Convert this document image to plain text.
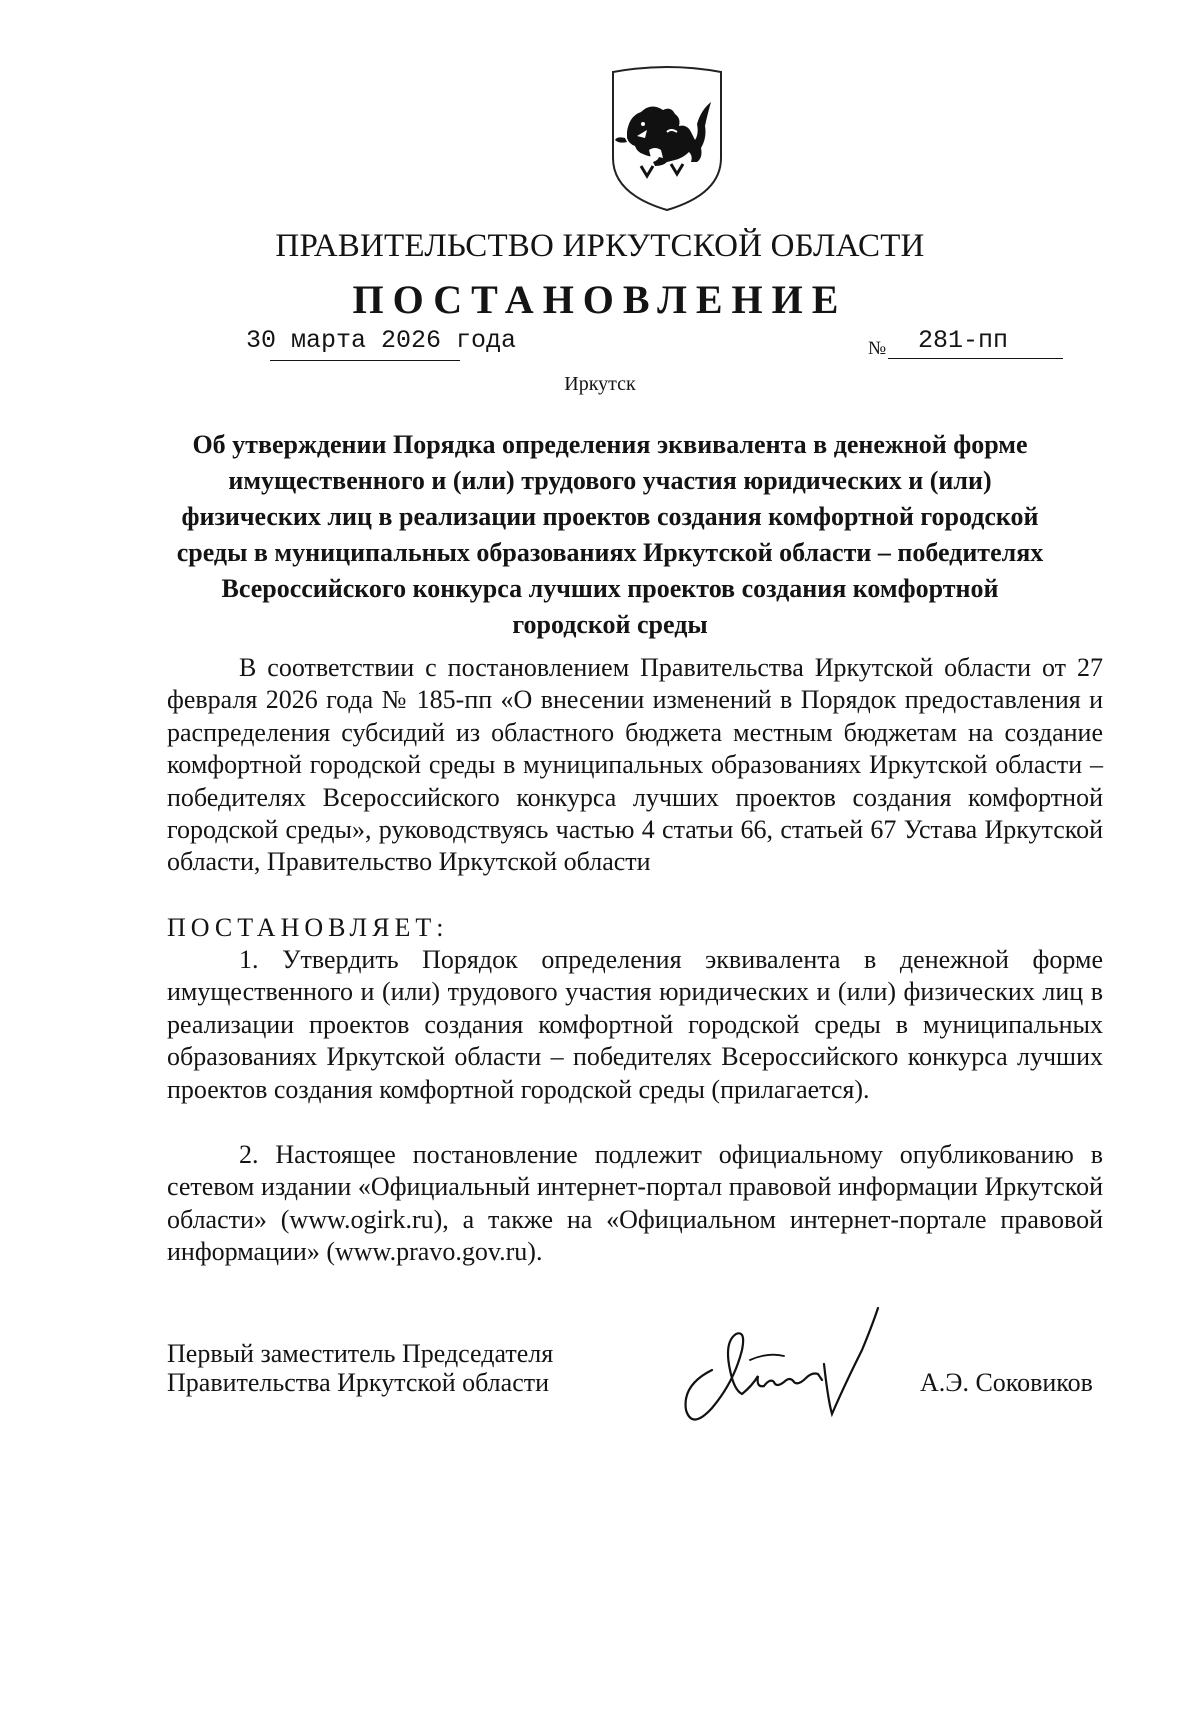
ПРАВИТЕЛЬСТВО ИРКУТСКОЙ ОБЛАСТИ
ПОСТАНОВЛЕНИЕ
30 марта 2026 года	№ 281-пп
Иркутск
Об утверждении Порядка определения эквивалента в денежной форме имущественного и (или) трудового участия юридических и (или) физических лиц в реализации проектов создания комфортной городской среды в муниципальных образованиях Иркутской области – победителях Всероссийского конкурса лучших проектов создания комфортной городской среды
В соответствии с постановлением Правительства Иркутской области от 27 февраля 2026 года № 185-пп «О внесении изменений в Порядок предоставления и распределения субсидий из областного бюджета местным бюджетам на создание комфортной городской среды в муниципальных образованиях Иркутской области – победителях Всероссийского конкурса лучших проектов создания комфортной городской среды», руководствуясь частью 4 статьи 66, статьей 67 Устава Иркутской области, Правительство Иркутской области
ПОСТАНОВЛЯЕТ:
1. Утвердить Порядок определения эквивалента в денежной форме имущественного и (или) трудового участия юридических и (или) физических лиц в реализации проектов создания комфортной городской среды в муниципальных образованиях Иркутской области – победителях Всероссийского конкурса лучших проектов создания комфортной городской среды (прилагается).
2. Настоящее постановление подлежит официальному опубликованию в сетевом издании «Официальный интернет-портал правовой информации Иркутской области» (www.ogirk.ru), а также на «Официальном интернет-портале правовой информации» (www.pravo.gov.ru).
Первый заместитель Председателя
Правительства Иркутской области	А.Э. Соковиков
